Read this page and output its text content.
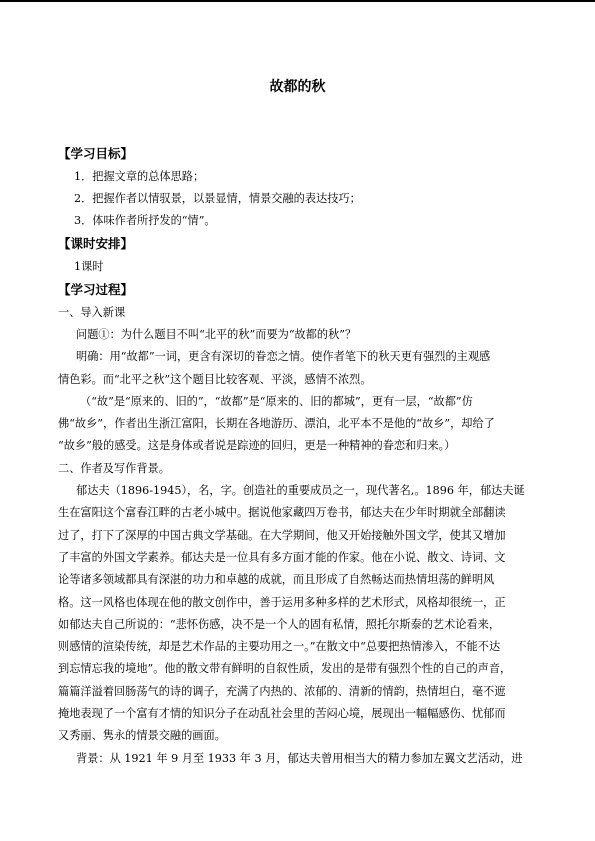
故都的秋
【学习目标】
1．把握文章的总体思路；
2．把握作者以情驭景，以景显情，情景交融的表达技巧；
3．体味作者所抒发的“情”。
【课时安排】
1课时
【学习过程】
一、导入新课
问题①：为什么题目不叫“北平的秋”而要为“故都的秋”？
明确：用“故都”一词，更含有深切的眷恋之情。使作者笔下的秋天更有强烈的主观感
情色彩。而“北平之秋”这个题目比较客观、平淡，感情不浓烈。
（“故”是“原来的、旧的”，“故都”是“原来的、旧的都城”，更有一层，“故都”仿
佛“故乡”，作者出生浙江富阳，长期在各地游历、漂泊，北平本不是他的“故乡”，却给了
“故乡”般的感受。这是身体或者说是踪迹的回归，更是一种精神的眷恋和归来。）
二、作者及写作背景。
郁达夫（1896-1945），名，字。创造社的重要成员之一，现代著名,。1896 年，郁达夫诞
生在富阳这个富春江畔的古老小城中。据说他家藏四万卷书，郁达夫在少年时期就全部翻读
过了，打下了深厚的中国古典文学基础。在大学期间，他又开始接触外国文学，使其又增加
了丰富的外国文学素养。郁达夫是一位具有多方面才能的作家。他在小说、散文、诗词、文
论等诸多领域都具有深湛的功力和卓越的成就，而且形成了自然畅达而热情坦荡的鲜明风
格。这一风格也体现在他的散文创作中，善于运用多种多样的艺术形式，风格却很统一，正
如郁达夫自己所说的：“悲怀伤感，决不是一个人的固有私情，照托尔斯泰的艺术论看来，
则感情的渲染传统，却是艺术作品的主要功用之一。”在散文中“总要把热情渗入，不能不达
到忘情忘我的境地”。他的散文带有鲜明的自叙性质，发出的是带有强烈个性的自己的声音，
篇篇洋溢着回肠荡气的诗的调子，充满了内热的、浓郁的、清新的情韵，热情坦白，毫不遮
掩地表现了一个富有才情的知识分子在动乱社会里的苦闷心境，展现出一幅幅感伤、忧郁而
又秀丽、隽永的情景交融的画面。
背景：从 1921 年 9 月至 1933 年 3 月，郁达夫曾用相当大的精力参加左翼文艺活动，进
